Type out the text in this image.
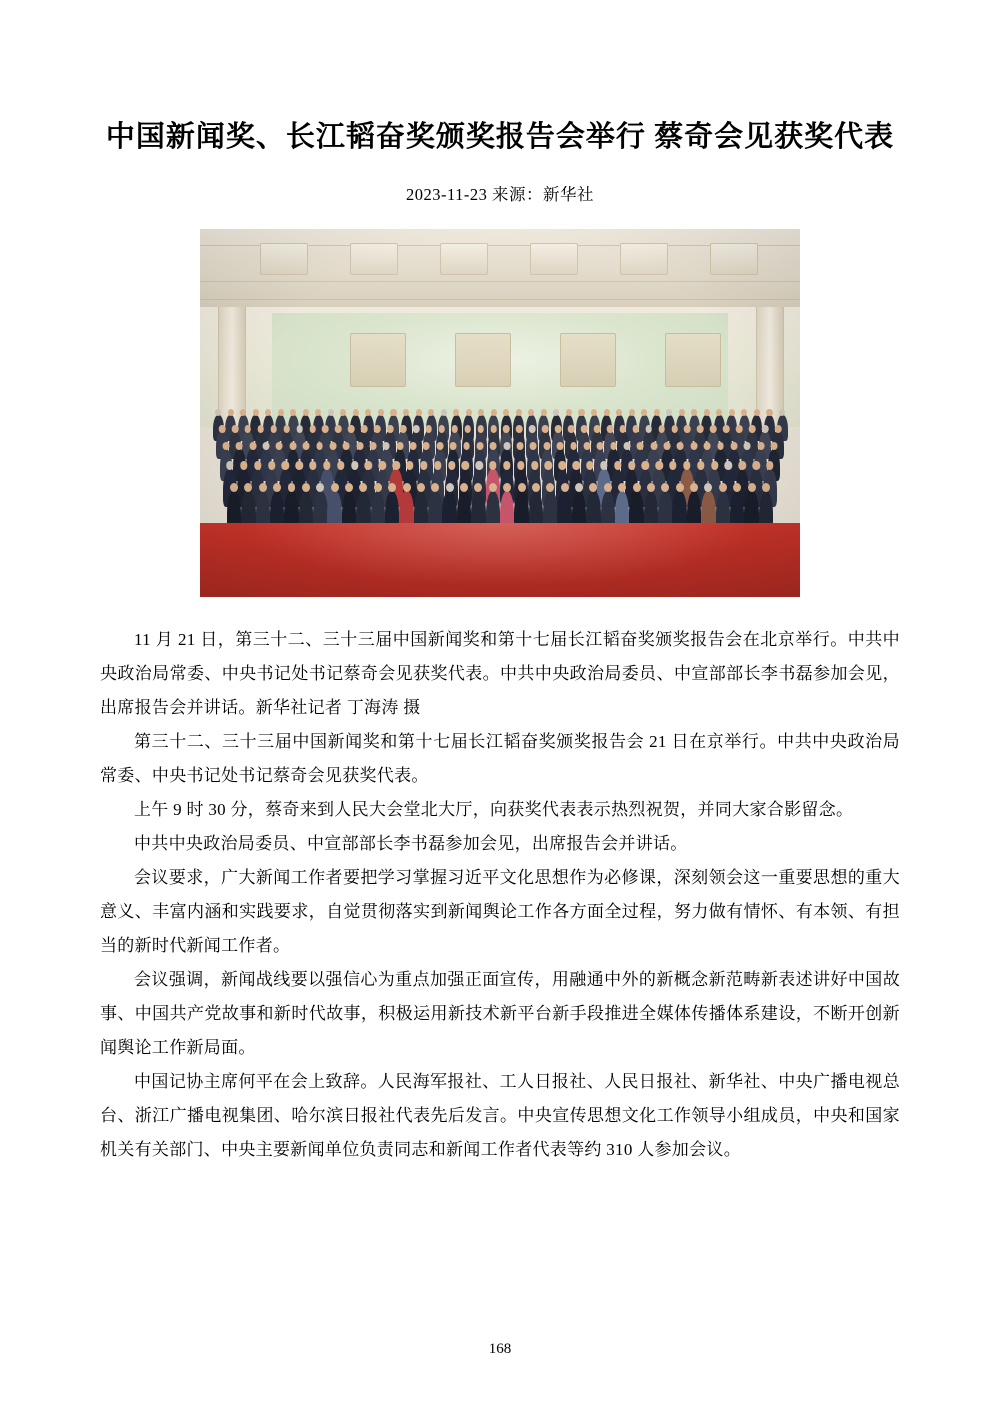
中国新闻奖、长江韬奋奖颁奖报告会举行 蔡奇会见获奖代表
2023-11-23 来源：新华社

11 月 21 日，第三十二、三十三届中国新闻奖和第十七届长江韬奋奖颁奖报告会在北京举行。中共中央政治局常委、中央书记处书记蔡奇会见获奖代表。中共中央政治局委员、中宣部部长李书磊参加会见，出席报告会并讲话。新华社记者 丁海涛 摄

第三十二、三十三届中国新闻奖和第十七届长江韬奋奖颁奖报告会 21 日在京举行。中共中央政治局常委、中央书记处书记蔡奇会见获奖代表。

上午 9 时 30 分，蔡奇来到人民大会堂北大厅，向获奖代表表示热烈祝贺，并同大家合影留念。

中共中央政治局委员、中宣部部长李书磊参加会见，出席报告会并讲话。

会议要求，广大新闻工作者要把学习掌握习近平文化思想作为必修课，深刻领会这一重要思想的重大意义、丰富内涵和实践要求，自觉贯彻落实到新闻舆论工作各方面全过程，努力做有情怀、有本领、有担当的新时代新闻工作者。

会议强调，新闻战线要以强信心为重点加强正面宣传，用融通中外的新概念新范畴新表述讲好中国故事、中国共产党故事和新时代故事，积极运用新技术新平台新手段推进全媒体传播体系建设，不断开创新闻舆论工作新局面。

中国记协主席何平在会上致辞。人民海军报社、工人日报社、人民日报社、新华社、中央广播电视总台、浙江广播电视集团、哈尔滨日报社代表先后发言。中央宣传思想文化工作领导小组成员，中央和国家机关有关部门、中央主要新闻单位负责同志和新闻工作者代表等约 310 人参加会议。

168
